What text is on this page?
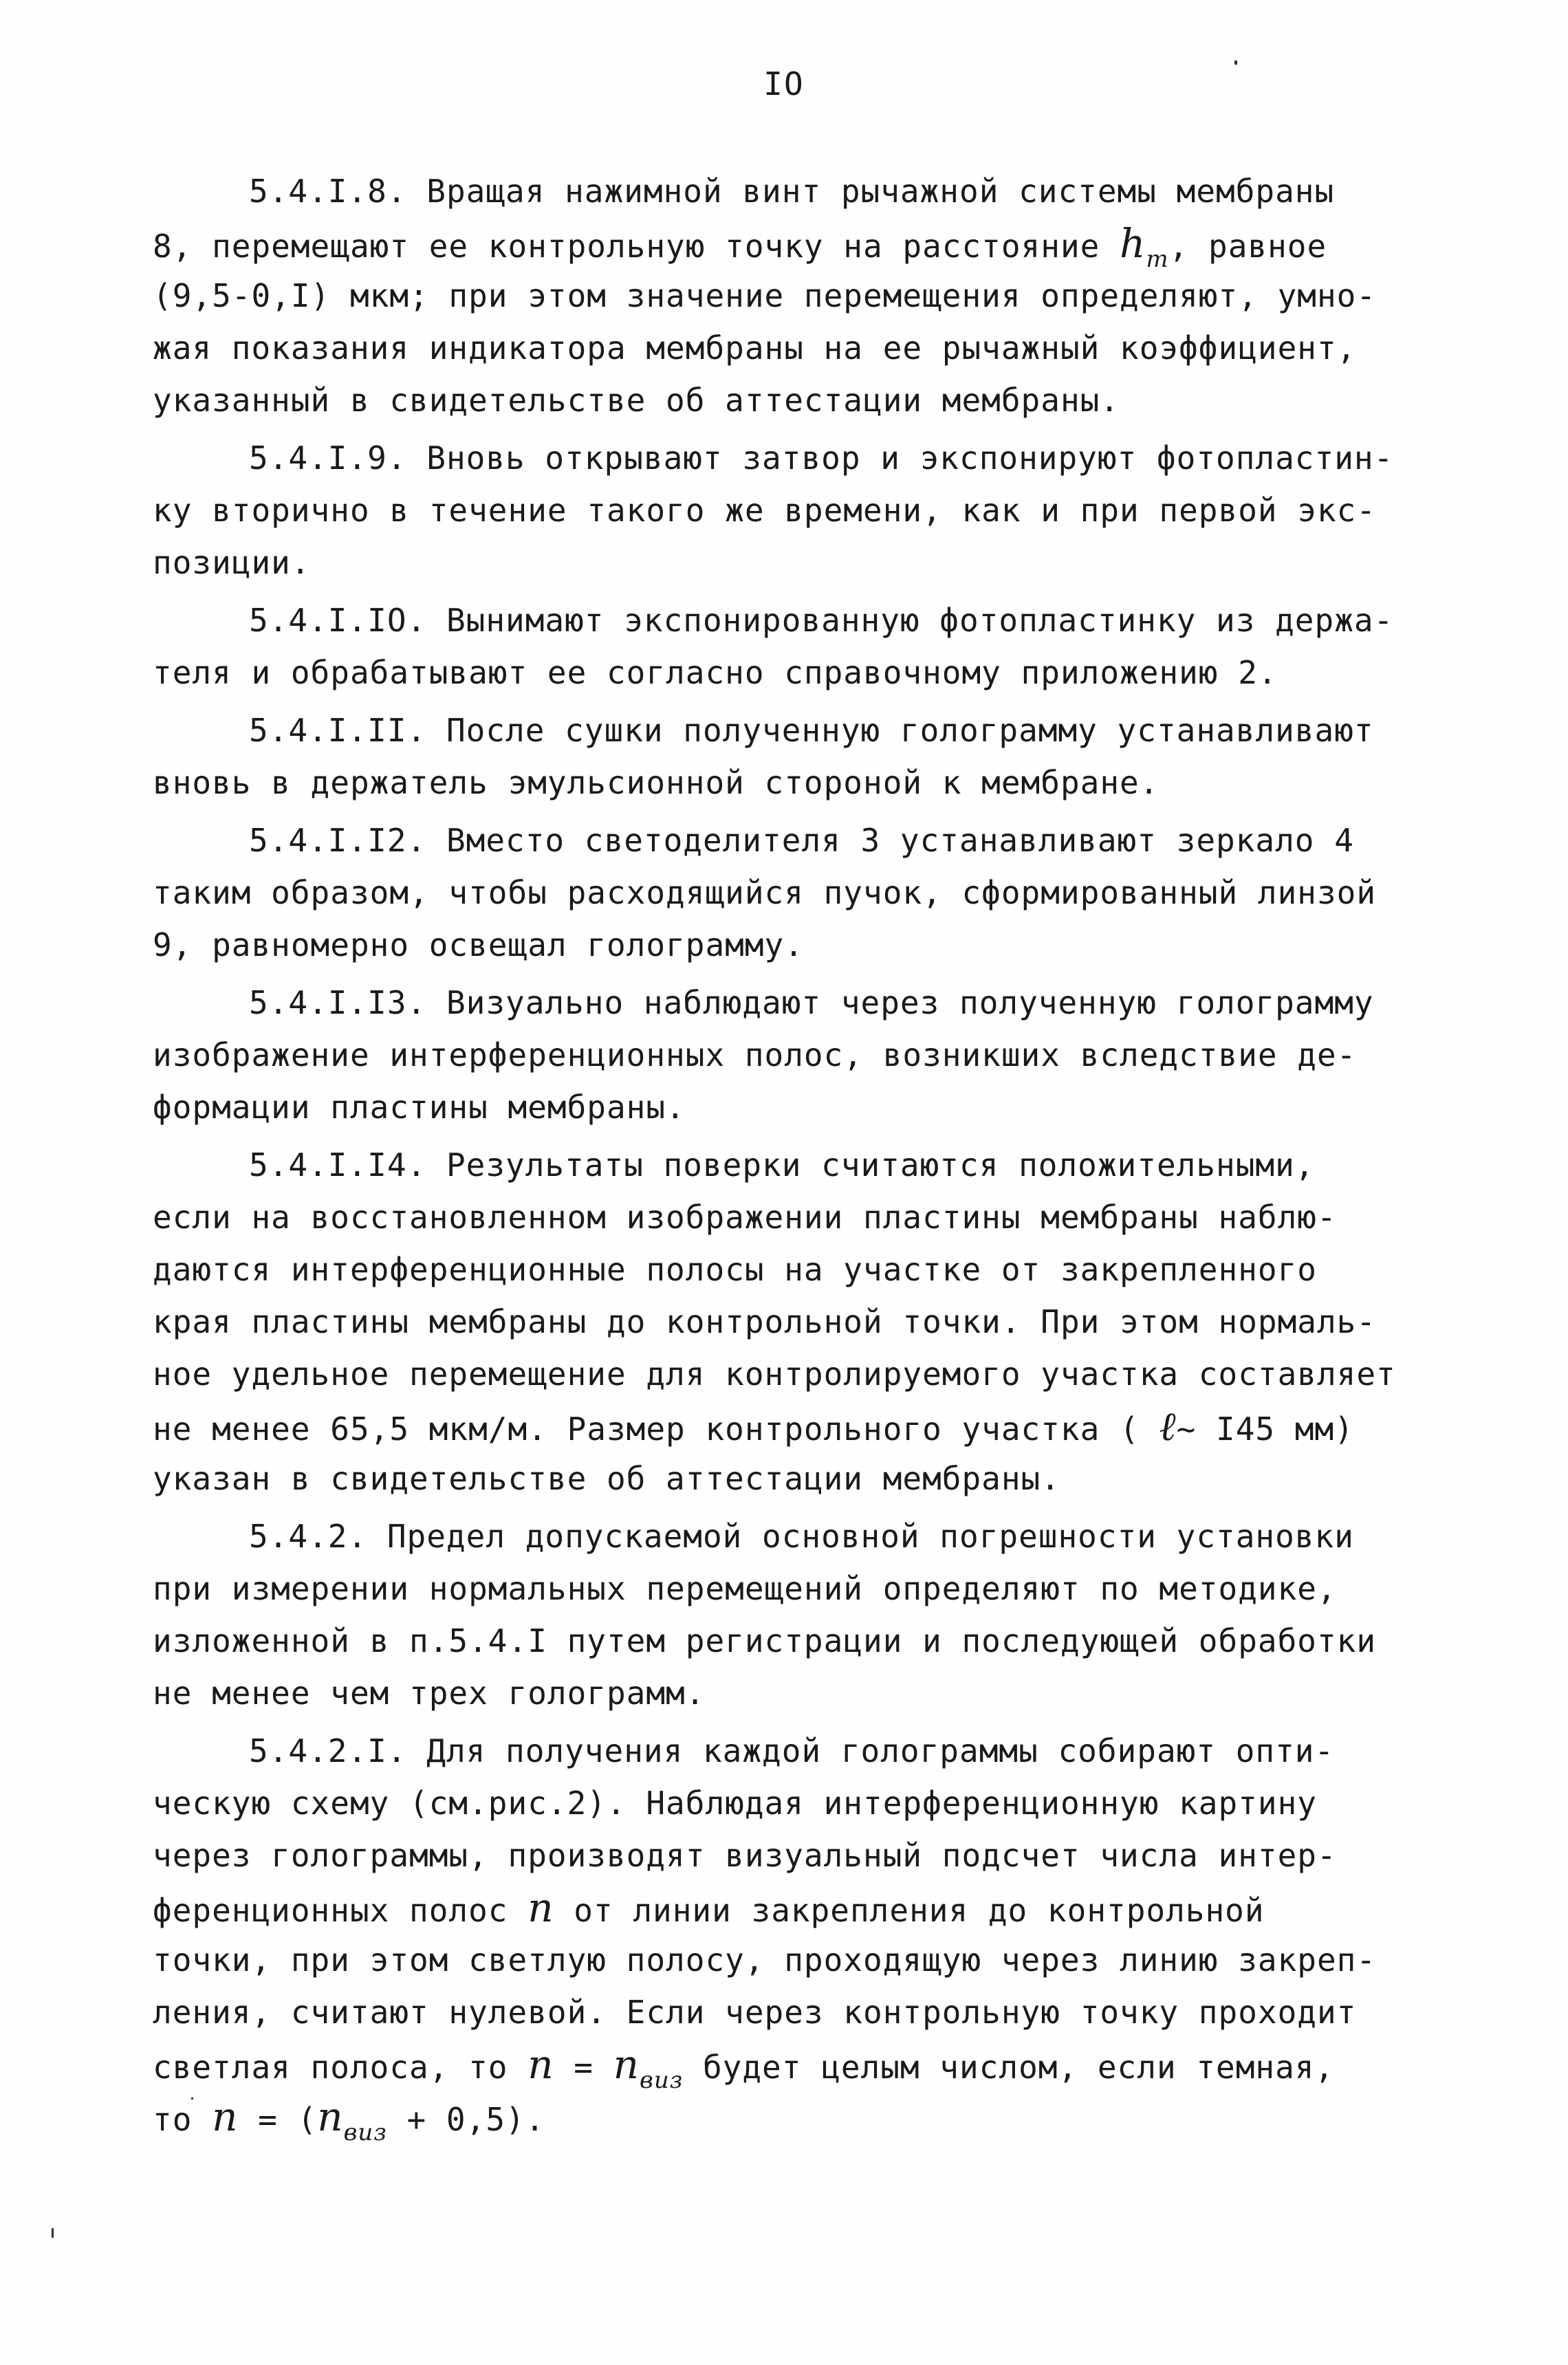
IO
5.4.I.8. Вращая нажимной винт рычажной системы мембраны
8, перемещают ее контрольную точку на расстояние $h_m$, равное
(9,5-0,I) мкм; при этом значение перемещения определяют, умно-
жая показания индикатора мембраны на ее рычажный коэффициент,
указанный в свидетельстве об аттестации мембраны.
5.4.I.9. Вновь открывают затвор и экспонируют фотопластин-
ку вторично в течение такого же времени, как и при первой экс-
позиции.
5.4.I.IO. Вынимают экспонированную фотопластинку из держа-
теля и обрабатывают ее согласно справочному приложению 2.
5.4.I.II. После сушки полученную голограмму устанавливают
вновь в держатель эмульсионной стороной к мембране.
5.4.I.I2. Вместо светоделителя 3 устанавливают зеркало 4
таким образом, чтобы расходящийся пучок, сформированный линзой
9, равномерно освещал голограмму.
5.4.I.I3. Визуально наблюдают через полученную голограмму
изображение интерференционных полос, возникших вследствие де-
формации пластины мембраны.
5.4.I.I4. Результаты поверки считаются положительными,
если на восстановленном изображении пластины мембраны наблю-
даются интерференционные полосы на участке от закрепленного
края пластины мембраны до контрольной точки. При этом нормаль-
ное удельное перемещение для контролируемого участка составляет
не менее 65,5 мкм/м. Размер контрольного участка ( ℓ~ I45 мм)
указан в свидетельстве об аттестации мембраны.
5.4.2. Предел допускаемой основной погрешности установки
при измерении нормальных перемещений определяют по методике,
изложенной в п.5.4.I путем регистрации и последующей обработки
не менее чем трех голограмм.
5.4.2.I. Для получения каждой голограммы собирают опти-
ческую схему (см.рис.2). Наблюдая интерференционную картину
через голограммы, производят визуальный подсчет числа интер-
ференционных полос n от линии закрепления до контрольной
точки, при этом светлую полосу, проходящую через линию закреп-
ления, считают нулевой. Если через контрольную точку проходит
светлая полоса, то $n = n_{виз}$ будет целым числом, если темная,
то $n = (n_{виз} + 0,5)$.
